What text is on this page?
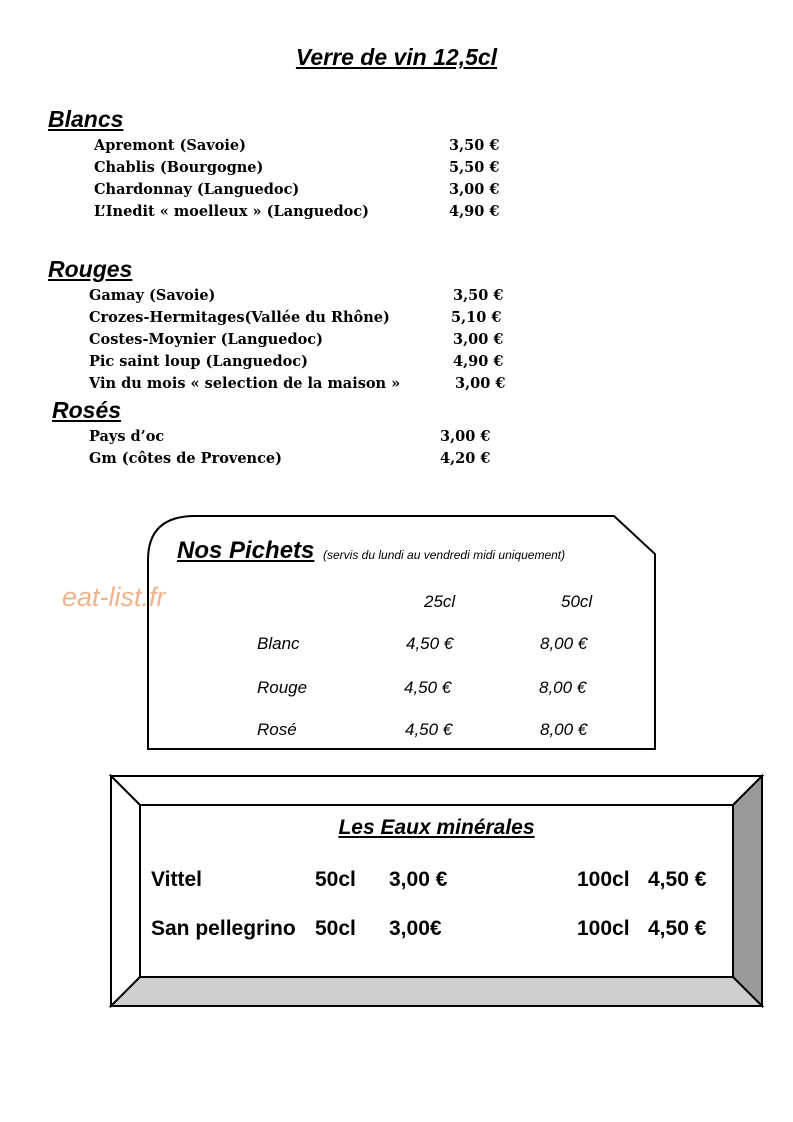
Verre de vin 12,5cl
Blancs
Apremont (Savoie)	3,50 €
Chablis (Bourgogne)	5,50 €
Chardonnay (Languedoc)	3,00 €
L’Inedit « moelleux » (Languedoc)	4,90 €
Rouges
Gamay (Savoie)	3,50 €
Crozes-Hermitages(Vallée du Rhône)	5,10 €
Costes-Moynier (Languedoc)	3,00 €
Pic saint loup (Languedoc)	4,90 €
Vin du mois « selection de la maison »	3,00 €
Rosés
Pays d’oc	3,00 €
Gm (côtes de Provence)	4,20 €
Nos Pichets (servis du lundi au vendredi midi uniquement)
eat-list.fr	25cl	50cl
Blanc	4,50 €	8,00 €
Rouge	4,50 €	8,00 €
Rosé	4,50 €	8,00 €
Les Eaux minérales
Vittel	50cl 3,00 €	100cl 4,50 €
San pellegrino 50cl 3,00€	100cl 4,50 €
